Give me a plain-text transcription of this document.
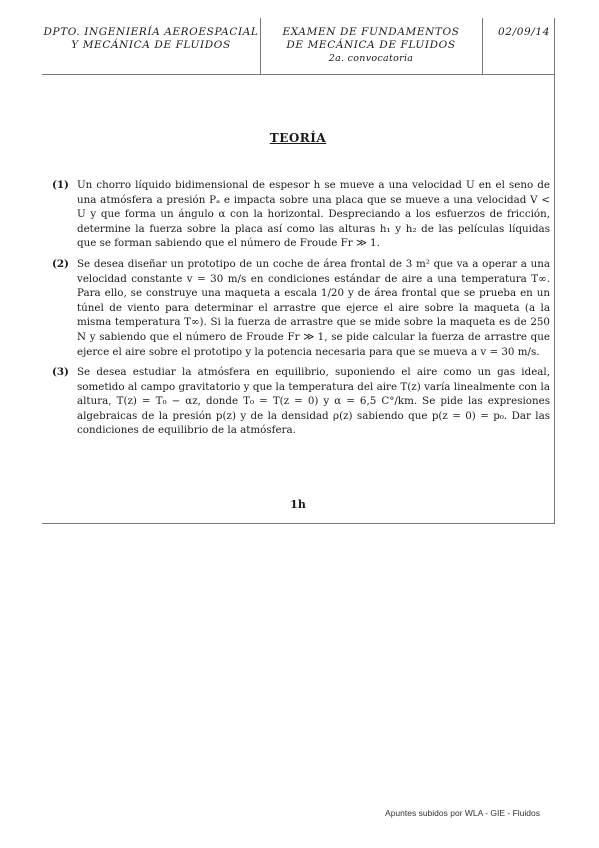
DPTO. INGENIERÍA AEROESPACIAL
Y MECÁNICA DE FLUIDOS
EXAMEN DE FUNDAMENTOS
DE MECÁNICA DE FLUIDOS
2a. convocatoria
02/09/14
TEORÍA
(1) Un chorro líquido bidimensional de espesor h se mueve a una velocidad U en el seno de una atmósfera a presión Pₐ e impacta sobre una placa que se mueve a una velocidad V < U y que forma un ángulo α con la horizontal. Despreciando a los esfuerzos de fricción, determine la fuerza sobre la placa así como las alturas h₁ y h₂ de las películas líquidas que se forman sabiendo que el número de Froude Fr ≫ 1.
(2) Se desea diseñar un prototipo de un coche de área frontal de 3 m² que va a operar a una velocidad constante v = 30 m/s en condiciones estándar de aire a una temperatura T∞. Para ello, se construye una maqueta a escala 1/20 y de área frontal que se prueba en un túnel de viento para determinar el arrastre que ejerce el aire sobre la maqueta (a la misma temperatura T∞). Si la fuerza de arrastre que se mide sobre la maqueta es de 250 N y sabiendo que el número de Froude Fr ≫ 1, se pide calcular la fuerza de arrastre que ejerce el aire sobre el prototipo y la potencia necesaria para que se mueva a v = 30 m/s.
(3) Se desea estudiar la atmósfera en equilibrio, suponiendo el aire como un gas ideal, sometido al campo gravitatorio y que la temperatura del aire T(z) varía linealmente con la altura, T(z) = T₀ − αz, donde T₀ = T(z = 0) y α = 6,5 C°/km. Se pide las expresiones algebraicas de la presión p(z) y de la densidad ρ(z) sabiendo que p(z = 0) = p₀. Dar las condiciones de equilibrio de la atmósfera.
1h
Apuntes subidos por WLA - GIE - Fluidos
